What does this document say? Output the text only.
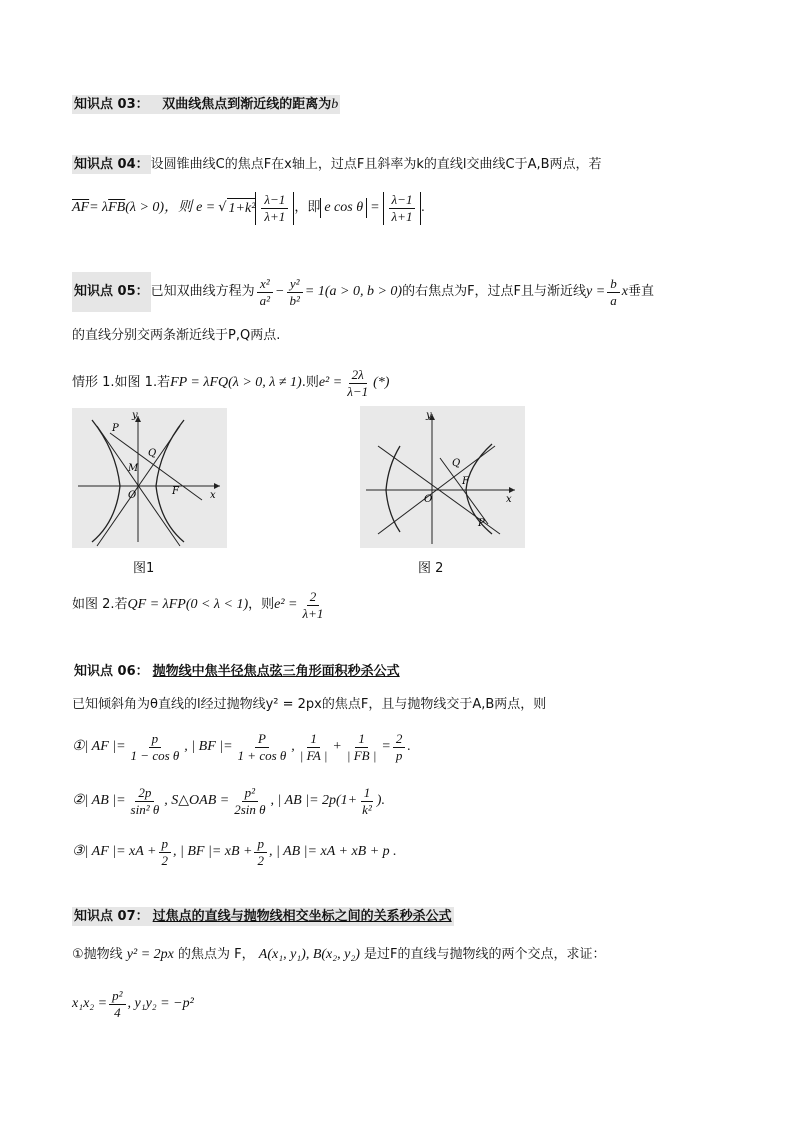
知识点 03： 双曲线焦点到渐近线的距离为b
知识点 04： 设圆锥曲线C的焦点F在x轴上，过点F且斜率为k的直线l交曲线C于A,B两点，若
$\overline{AF} = \lambda$ $\overline{FB}$ (λ > 0)，则 e = √ $1+k^2 \frac{\lambda-1}{\lambda+1}$ ，即 e $\cos \theta = \frac{\lambda-1}{\lambda+1}$ .
知识点 05： 已知双曲线方程为 $\frac{\text{x²}}{\text{a²}} - \frac{\text{y²}}{\text{b²}} = 1(a > 0$, b > 0) 的右焦点为F，过点F且与渐近线 $y = \frac{b}{a}$ x 垂直
的直线分别交两条渐近线于P,Q两点.
情形 1.如图 1.若 FP = λFQ(λ > 0, λ ≠ 1) .则 $e^2 = \frac{2\lambda}{\lambda-1}$ (*)
y
P
Q
M
O	F	x
图1
y
Q
F
O
P
x
图 2
如图 2.若 QF = λFP(0 < λ < 1) ，则 $e^2 = \frac{2}{\lambda+1}$
知识点 06： 抛物线中焦半径焦点弦三角形面积秒杀公式
已知倾斜角为θ直线的l经过抛物线y² = 2px的焦点F，且与抛物线交于A,B两点，则
①| AF |= $\frac{p}{\text{1 − cos θ}}$ , | BF |= $\frac{P}{\text{1 + cos θ}}$ , $\frac{1}{| FA |} + \frac{1}{| FB |} = \frac{2}{p}$ .
②| AB |= $\frac{2p}{\text{sin² θ}}$ , S△OAB = $\frac{\text{p²}}{\text{2sin θ}}$ , | AB |= $2p(1+ \frac{1}{\text{k²}}$ ).
③| AF |= xA + $\frac{p}{2}$ , | BF |= xB + $\frac{p}{2}$ , | AB |= xA + xB + p .
知识点 07： 过焦点的直线与抛物线相交坐标之间的关系秒杀公式
①抛物线 y² = 2px 的焦点为 F， A(x₁, y₁), B(x₂, y₂) 是过F的直线与抛物线的两个交点，求证：
$x_1x_2 = \frac{\text{p²}}{4}$ , y₁y₂ = −p²
